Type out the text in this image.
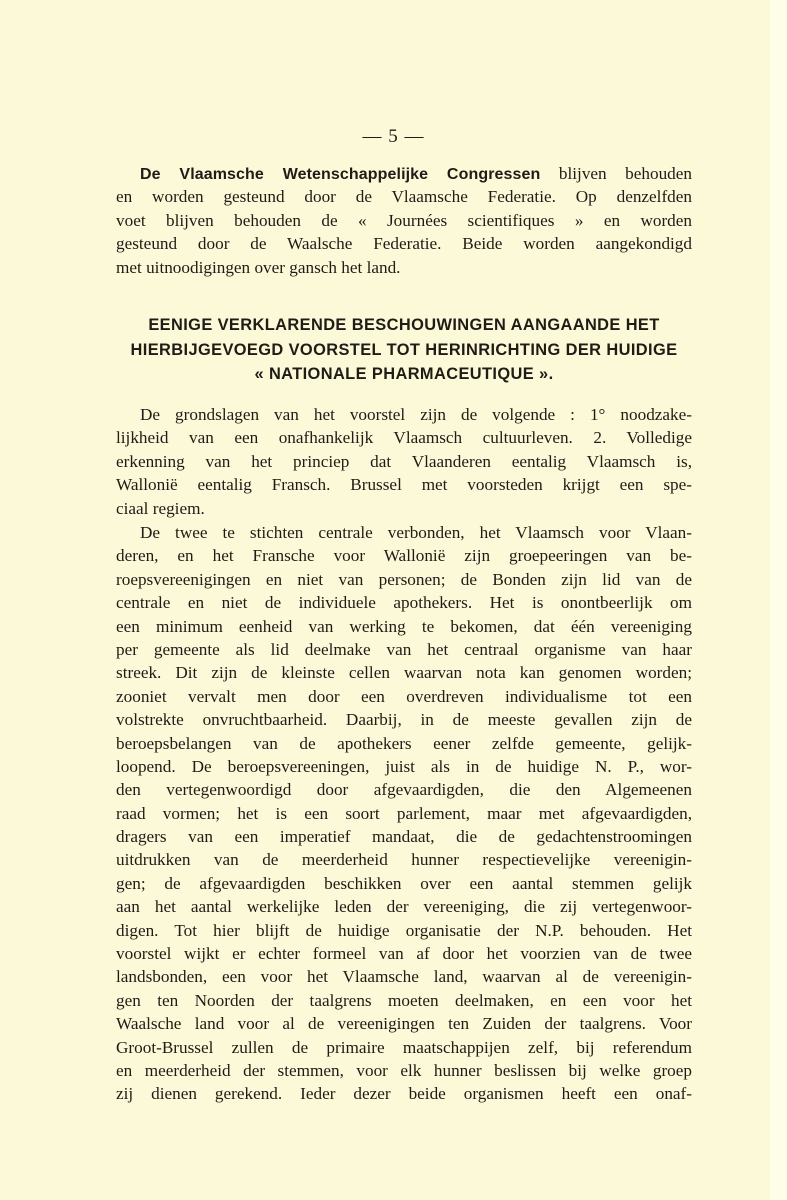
— 5 —
De Vlaamsche Wetenschappelijke Congressen blijven behouden
en worden gesteund door de Vlaamsche Federatie. Op denzelfden
voet blijven behouden de « Journées scientifiques » en worden
gesteund door de Waalsche Federatie. Beide worden aangekondigd
met uitnoodigingen over gansch het land.
EENIGE VERKLARENDE BESCHOUWINGEN AANGAANDE HET
HIERBIJGEVOEGD VOORSTEL TOT HERINRICHTING DER HUIDIGE
« NATIONALE PHARMACEUTIQUE ».
De grondslagen van het voorstel zijn de volgende : 1° noodzake-
lijkheid van een onafhankelijk Vlaamsch cultuurleven. 2. Volledige
erkenning van het princiep dat Vlaanderen eentalig Vlaamsch is,
Wallonië eentalig Fransch. Brussel met voorsteden krijgt een spe-
ciaal regiem.
De twee te stichten centrale verbonden, het Vlaamsch voor Vlaan-
deren, en het Fransche voor Wallonië zijn groepeeringen van be-
roepsvereenigingen en niet van personen; de Bonden zijn lid van de
centrale en niet de individuele apothekers. Het is onontbeerlijk om
een minimum eenheid van werking te bekomen, dat één vereeniging
per gemeente als lid deelmake van het centraal organisme van haar
streek. Dit zijn de kleinste cellen waarvan nota kan genomen worden;
zooniet vervalt men door een overdreven individualisme tot een
volstrekte onvruchtbaarheid. Daarbij, in de meeste gevallen zijn de
beroepsbelangen van de apothekers eener zelfde gemeente, gelijk-
loopend. De beroepsvereeningen, juist als in de huidige N. P., wor-
den vertegenwoordigd door afgevaardigden, die den Algemeenen
raad vormen; het is een soort parlement, maar met afgevaardigden,
dragers van een imperatief mandaat, die de gedachtenstroomingen
uitdrukken van de meerderheid hunner respectievelijke vereenigin-
gen; de afgevaardigden beschikken over een aantal stemmen gelijk
aan het aantal werkelijke leden der vereeniging, die zij vertegenwoor-
digen. Tot hier blijft de huidige organisatie der N.P. behouden. Het
voorstel wijkt er echter formeel van af door het voorzien van de twee
landsbonden, een voor het Vlaamsche land, waarvan al de vereenigin-
gen ten Noorden der taalgrens moeten deelmaken, en een voor het
Waalsche land voor al de vereenigingen ten Zuiden der taalgrens. Voor
Groot-Brussel zullen de primaire maatschappijen zelf, bij referendum
en meerderheid der stemmen, voor elk hunner beslissen bij welke groep
zij dienen gerekend. Ieder dezer beide organismen heeft een onaf-
